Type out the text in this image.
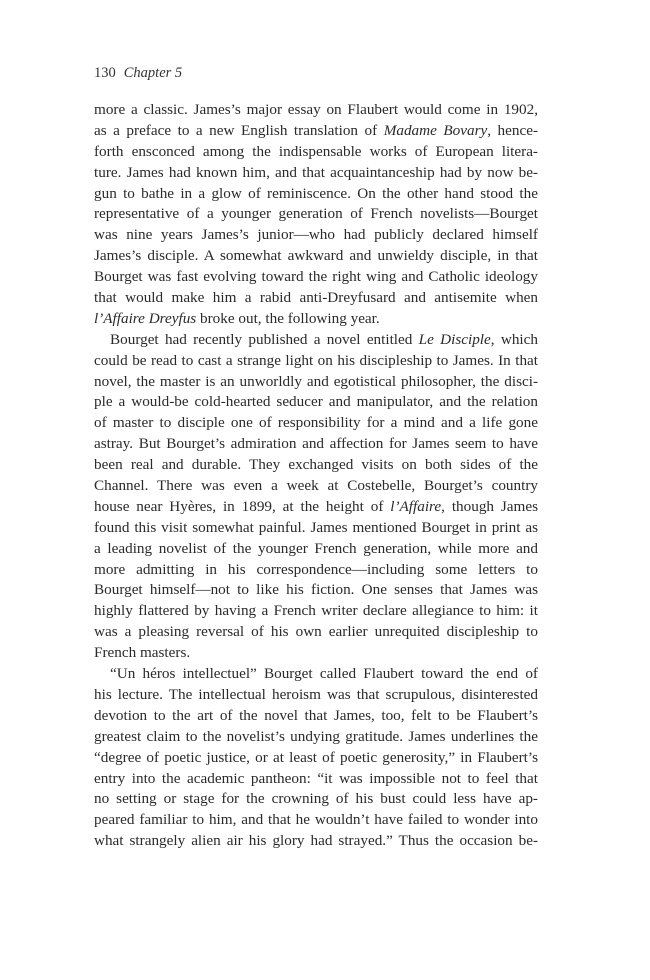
130 Chapter 5
more a classic. James’s major essay on Flaubert would come in 1902,
as a preface to a new English translation of Madame Bovary, hence-
forth ensconced among the indispensable works of European litera-
ture. James had known him, and that acquaintanceship had by now be-
gun to bathe in a glow of reminiscence. On the other hand stood the
representative of a younger generation of French novelists—Bourget
was nine years James’s junior—who had publicly declared himself
James’s disciple. A somewhat awkward and unwieldy disciple, in that
Bourget was fast evolving toward the right wing and Catholic ideology
that would make him a rabid anti-Dreyfusard and antisemite when
l’Affaire Dreyfus broke out, the following year.
Bourget had recently published a novel entitled Le Disciple, which
could be read to cast a strange light on his discipleship to James. In that
novel, the master is an unworldly and egotistical philosopher, the disci-
ple a would-be cold-hearted seducer and manipulator, and the relation
of master to disciple one of responsibility for a mind and a life gone
astray. But Bourget’s admiration and affection for James seem to have
been real and durable. They exchanged visits on both sides of the
Channel. There was even a week at Costebelle, Bourget’s country
house near Hyères, in 1899, at the height of l’Affaire, though James
found this visit somewhat painful. James mentioned Bourget in print as
a leading novelist of the younger French generation, while more and
more admitting in his correspondence—including some letters to
Bourget himself—not to like his fiction. One senses that James was
highly flattered by having a French writer declare allegiance to him: it
was a pleasing reversal of his own earlier unrequited discipleship to
French masters.
“Un héros intellectuel” Bourget called Flaubert toward the end of
his lecture. The intellectual heroism was that scrupulous, disinterested
devotion to the art of the novel that James, too, felt to be Flaubert’s
greatest claim to the novelist’s undying gratitude. James underlines the
“degree of poetic justice, or at least of poetic generosity,” in Flaubert’s
entry into the academic pantheon: “it was impossible not to feel that
no setting or stage for the crowning of his bust could less have ap-
peared familiar to him, and that he wouldn’t have failed to wonder into
what strangely alien air his glory had strayed.” Thus the occasion be-
